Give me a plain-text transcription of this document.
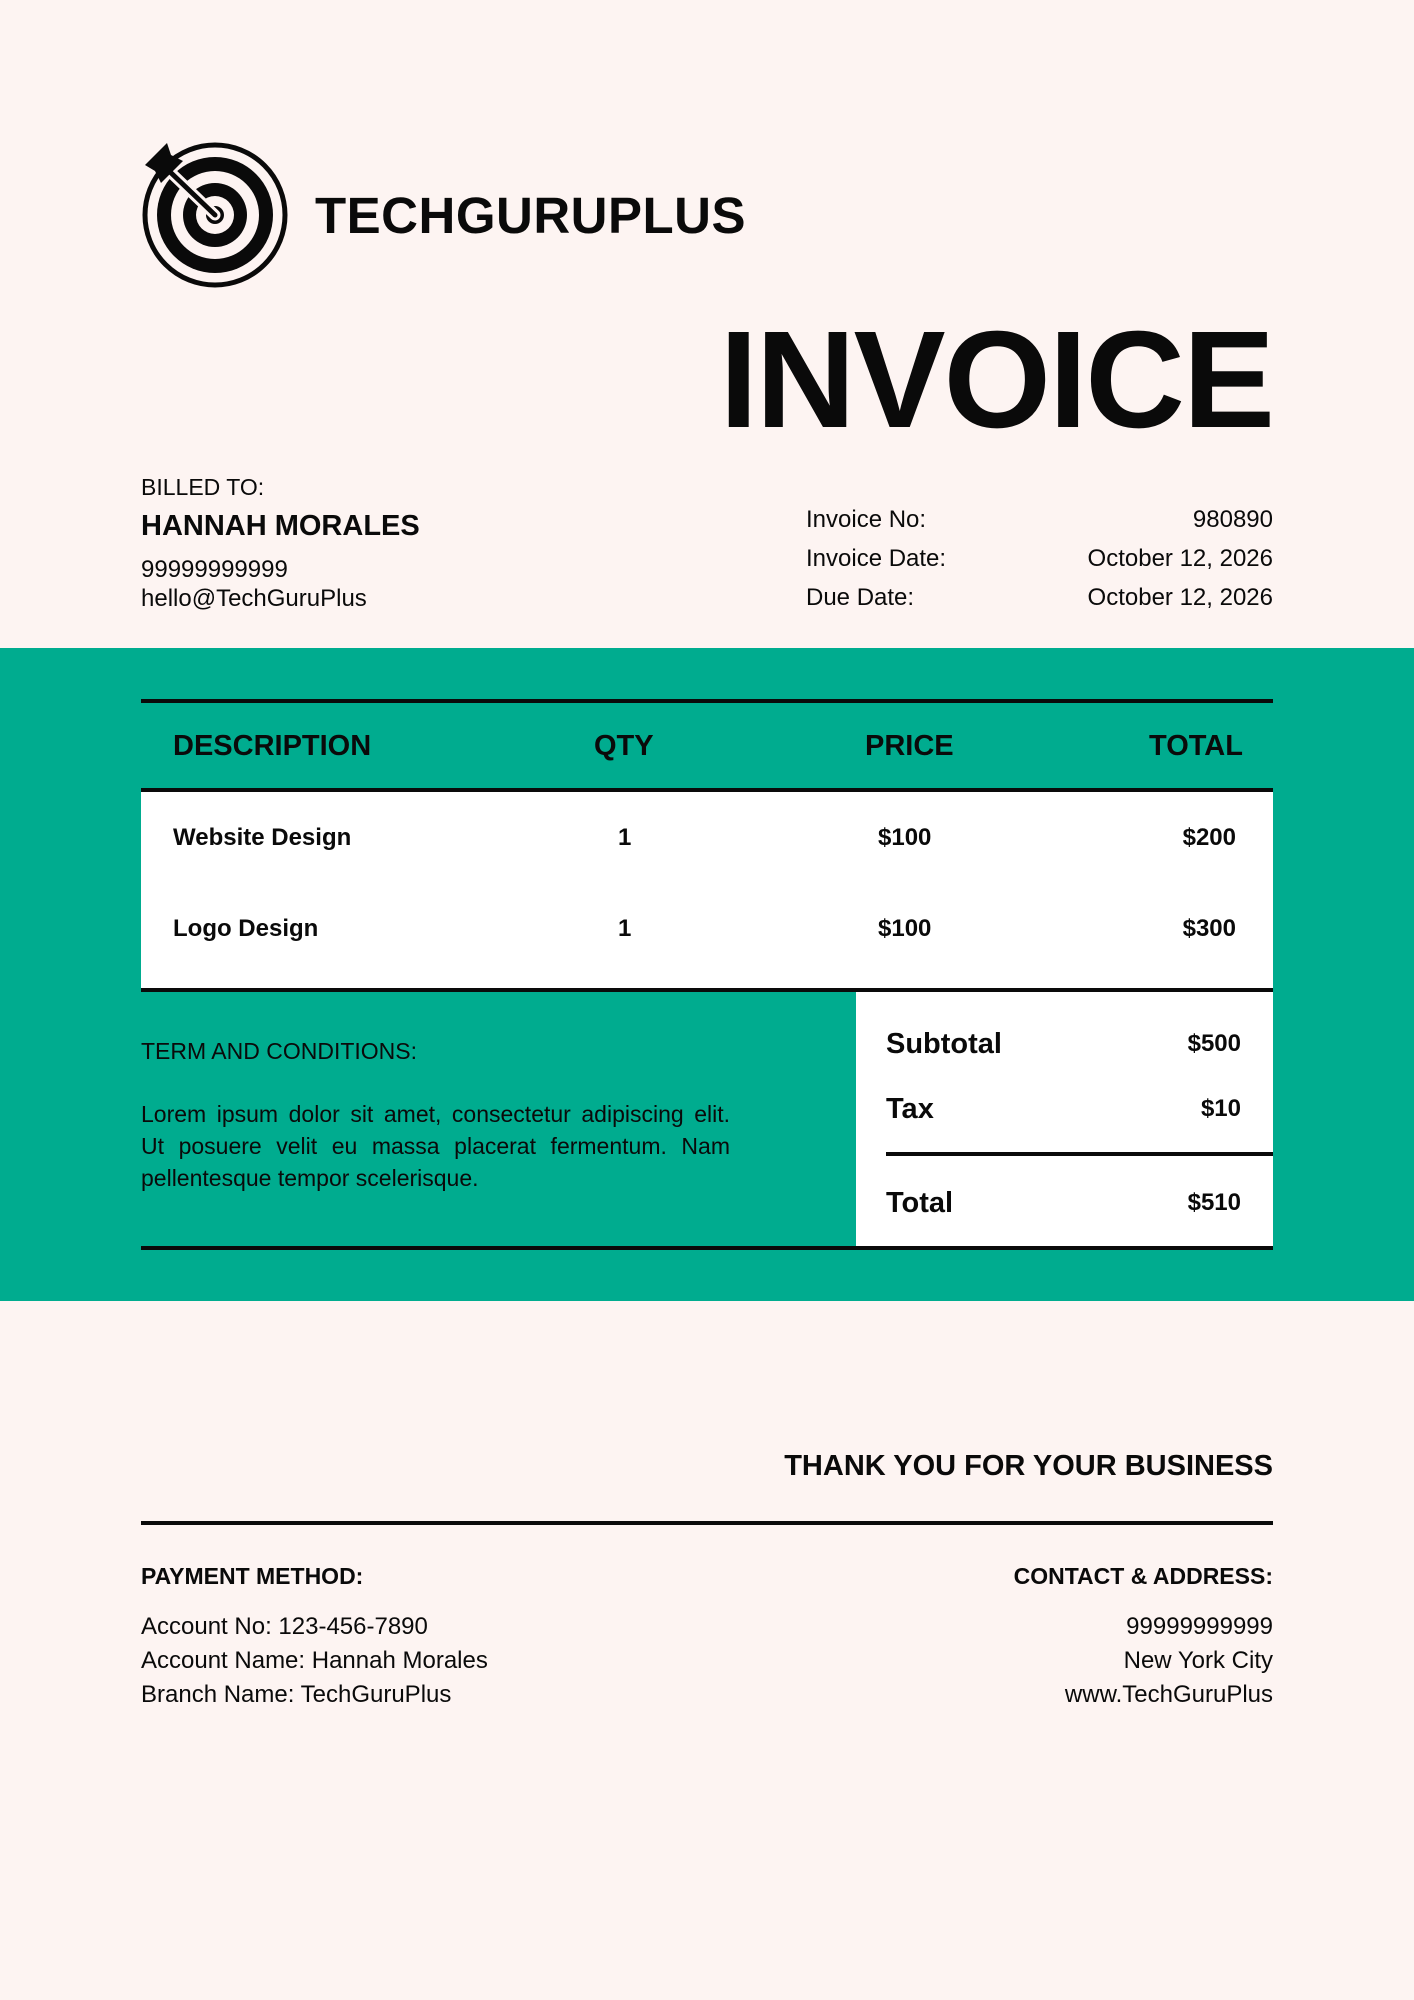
TECHGURUPLUS
INVOICE
BILLED TO:
HANNAH MORALES
99999999999
hello@TechGuruPlus
Invoice No:	980890
Invoice Date:	October 12, 2026
Due Date:	October 12, 2026
DESCRIPTION	QTY	PRICE	TOTAL
Website Design	1	$100	$200
Logo Design	1	$100	$300
TERM AND CONDITIONS:
Lorem ipsum dolor sit amet, consectetur adipiscing elit. Ut posuere velit eu massa placerat fermentum. Nam pellentesque tempor scelerisque.
Subtotal	$500
Tax	$10
Total	$510
THANK YOU FOR YOUR BUSINESS
PAYMENT METHOD:
Account No: 123-456-7890
Account Name: Hannah Morales
Branch Name: TechGuruPlus
CONTACT & ADDRESS:
99999999999
New York City
www.TechGuruPlus
